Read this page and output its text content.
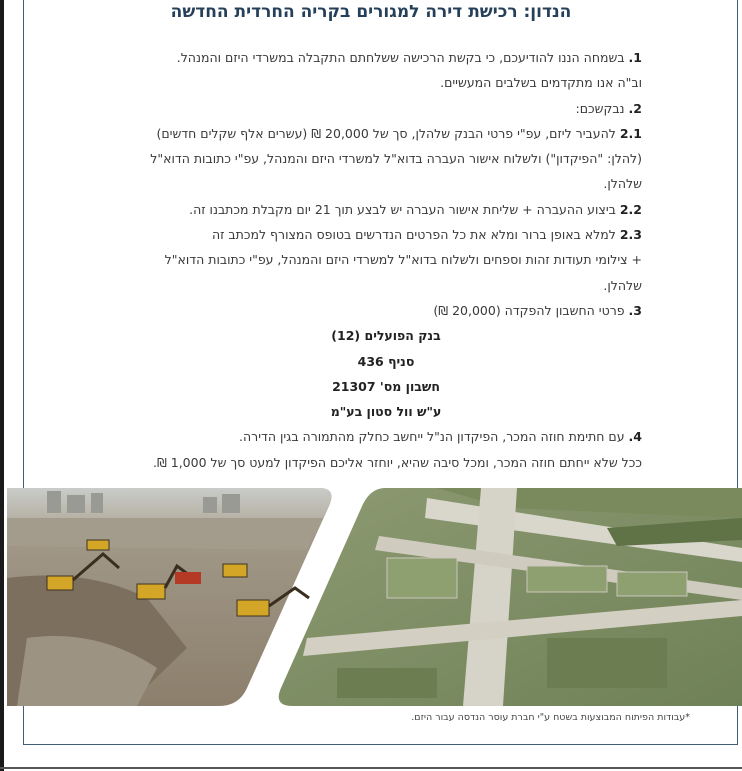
הנדון: רכישת דירה למגורים בקריה החרדית החדשה
1. בשמחה הננו להודיעכם, כי בקשת הרכישה ששלחתם התקבלה במשרדי היזם והמנהל.
וב"ה אנו מתקדמים בשלבים המעשיים.
2. נבקשכם:
2.1 להעביר ליזם, עפ"י פרטי הבנק שלהלן, סך של 20,000 ₪ (עשרים אלף שקלים חדשים)
(להלן: "הפיקדון") ולשלוח אישור העברה בדוא"ל למשרדי היזם והמנהל, עפ"י כתובות הדוא"ל
שלהלן.
2.2 ביצוע ההעברה + שליחת אישור העברה יש לבצע תוך 21 יום מקבלת מכתבנו זה.
2.3 למלא באופן ברור ומלא את כל הפרטים הנדרשים בטופס המצורף למכתב זה
+ צילומי תעודות זהות וספחים ולשלוח בדוא"ל למשרדי היזם והמנהל, עפ"י כתובות הדוא"ל
שלהלן.
3. פרטי החשבון להפקדה (20,000 ₪)
בנק הפועלים (12)
סניף 436
חשבון מס' 21307
ע"ש וול סטון בע"מ
4. עם חתימת חוזה המכר, הפיקדון הנ"ל ייחשב כחלק מהתמורה בגין הדירה.
ככל שלא ייחתם חוזה המכר, ומכל סיבה שהיא, יוחזר אליכם הפיקדון למעט סך של 1,000 ₪.
*עבודות הפיתוח המבוצעות בשטח ע"י חברת עוסר הנדסה עבור היזם.
